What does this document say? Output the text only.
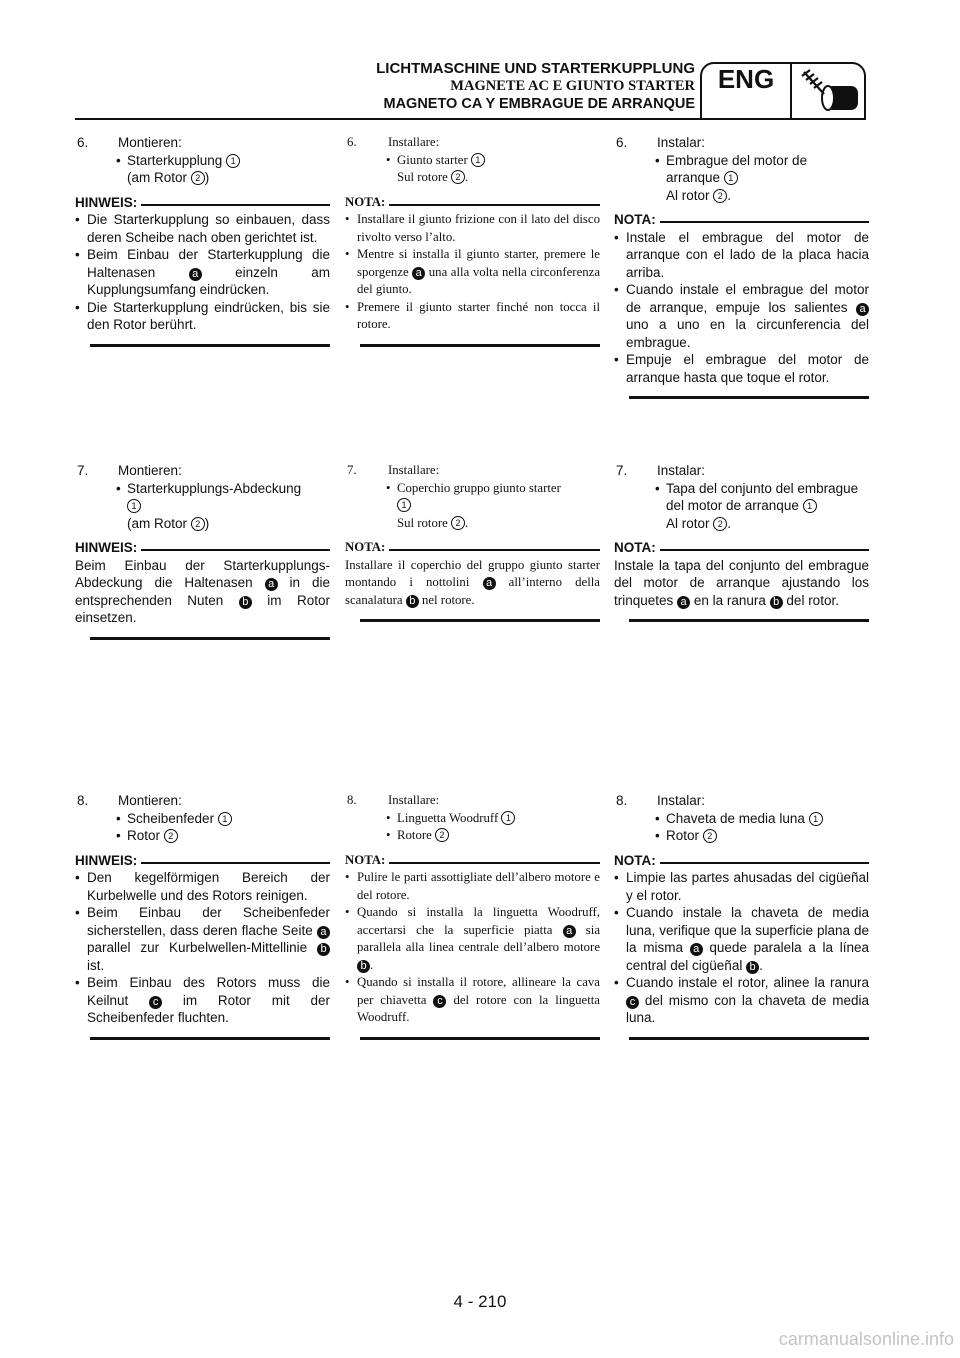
LICHTMASCHINE UND STARTERKUPPLUNG
MAGNETE AC E GIUNTO STARTER
MAGNETO CA Y EMBRAGUE DE ARRANQUE
ENG
6. Montieren:
• Starterkupplung 1
(am Rotor 2 )
HINWEIS:
• Die Starterkupplung so einbauen, dass deren Scheibe nach oben gerichtet ist.
• Beim Einbau der Starterkupplung die Haltenasen	a	einzeln am Kupplungsumfang eindrücken.
• Die Starterkupplung eindrücken, bis sie den Rotor berührt.
7. Montieren:
• Starterkupplungs-Abdeckung
1
(am Rotor 2 )
HINWEIS:
Beim Einbau der Starterkupplungs-Abdeckung die Haltenasen a in die entsprechenden Nuten b im Rotor einsetzen.
8. Montieren:
• Scheibenfeder 1
• Rotor 2
HINWEIS:
• Den kegelförmigen Bereich der Kurbelwelle und des Rotors reinigen.
• Beim Einbau der Scheibenfeder sicherstellen, dass deren flache Seite a parallel zur Kurbelwellen-Mittellinie b ist.
• Beim Einbau des Rotors muss die Keilnut c im Rotor mit der Scheibenfeder fluchten.
6. Installare:
• Giunto starter 1
Sul rotore 2 .
NOTA:
• Installare il giunto frizione con il lato del disco rivolto verso l’alto.
• Mentre si installa il giunto starter, premere le sporgenze a una alla volta nella circonferenza del giunto.
• Premere il giunto starter finché non tocca il rotore.
7. Installare:
• Coperchio gruppo giunto starter
1
Sul rotore 2 .
NOTA:
Installare il coperchio del gruppo giunto starter montando i nottolini a all’interno della scanalatura b nel rotore.
8. Installare:
• Linguetta Woodruff 1
• Rotore 2
NOTA:
• Pulire le parti assottigliate dell’albero motore e del rotore.
• Quando si installa la linguetta Woodruff, accertarsi che la superficie piatta a sia parallela alla linea centrale dell’albero motore b .
• Quando si installa il rotore, allineare la cava per chiavetta c del rotore con la linguetta Woodruff.
6. Instalar:
• Embrague del motor de arranque 1
Al rotor 2 .
NOTA:
• Instale el embrague del motor de arranque con el lado de la placa hacia arriba.
• Cuando instale el embrague del motor de arranque, empuje los salientes a uno a uno en la circunferencia del embrague.
• Empuje el embrague del motor de arranque hasta que toque el rotor.
7. Instalar:
• Tapa del conjunto del embrague del motor de arranque 1
Al rotor 2 .
NOTA:
Instale la tapa del conjunto del embrague del motor de arranque ajustando los trinquetes a en la ranura b del rotor.
8. Instalar:
• Chaveta de media luna 1
• Rotor 2
NOTA:
• Limpie las partes ahusadas del cigüeñal y el rotor.
• Cuando instale la chaveta de media luna, verifique que la superficie plana de la misma a quede paralela a la línea central del cigüeñal b .
• Cuando instale el rotor, alinee la ranura c del mismo con la chaveta de media luna.
4 - 210
carmanualsonline.info
